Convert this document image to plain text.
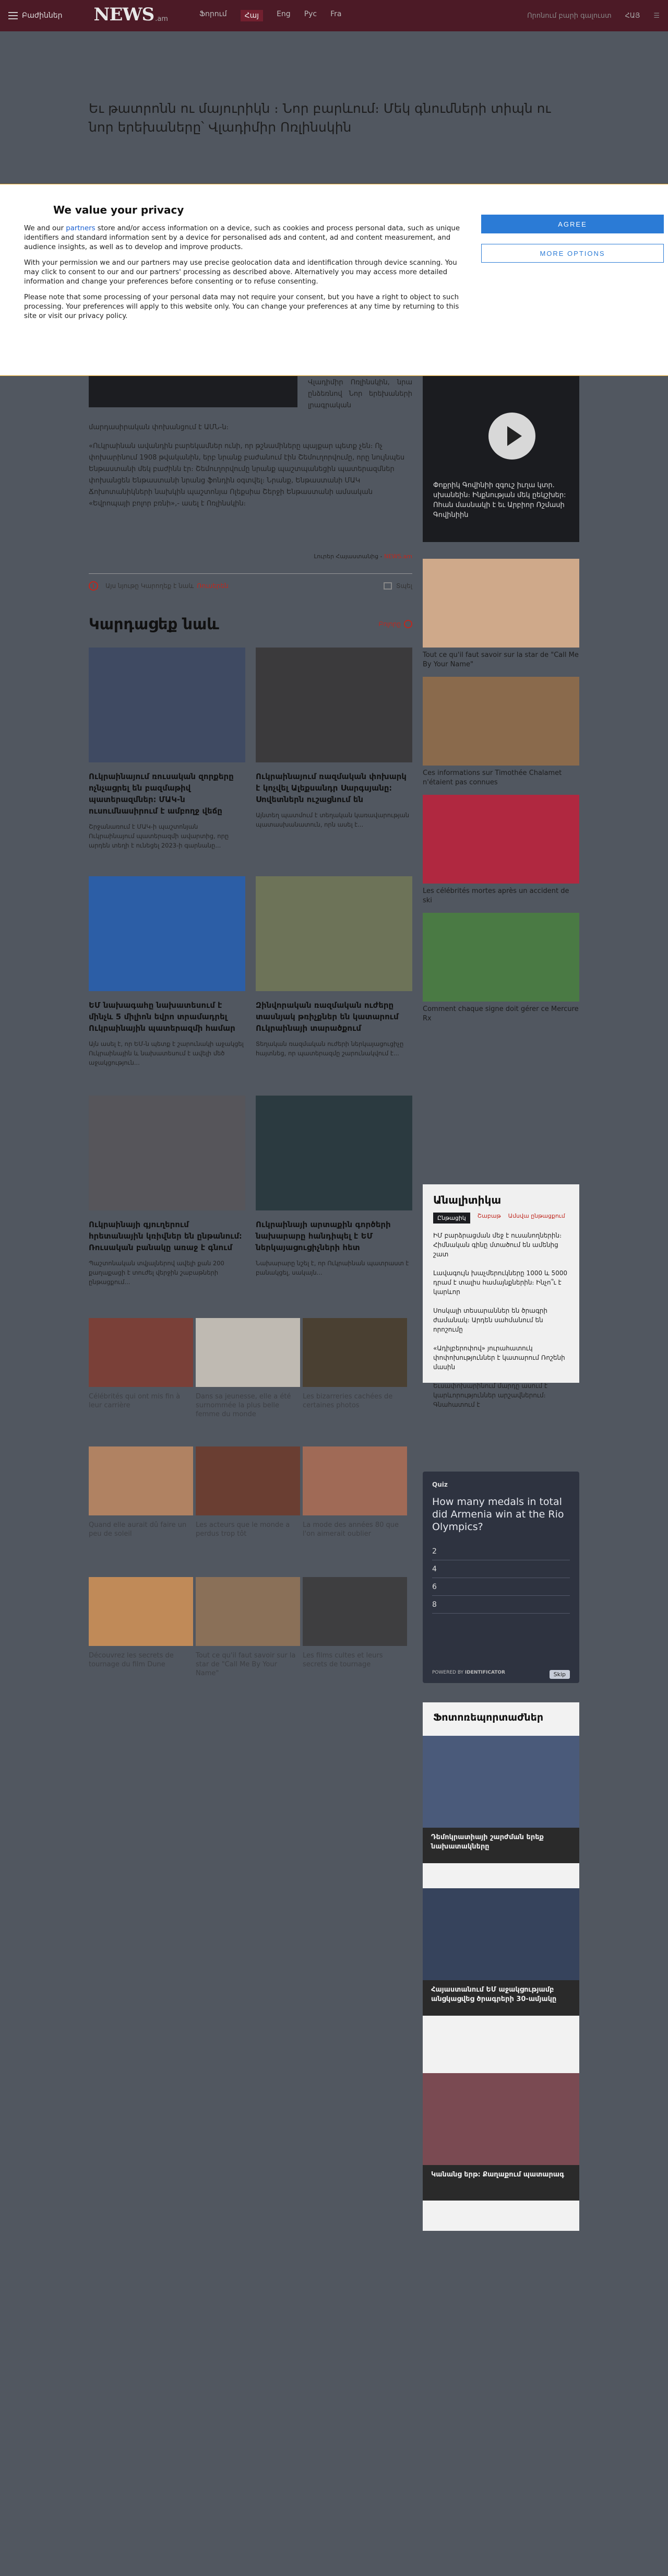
Բաժիններ NEWS .am
Ֆորում	Հայ	Eng Рус Fra	Որոնում բարի գալուստ ՀԱՅ ☰
Եւ թատրոնն ու մայուրիկն ։ Նոր բարևում։ Մեկ գնումների տիպն ու նոր երեխաները՝ Վլադիմիր Ոռլինսկին
We value your privacy

We and our partners store and/or access information on a device, such as cookies and process personal data, such as unique identifiers and standard information sent by a device for personalised ads and content, ad and content measurement, and audience insights, as well as to develop and improve products.

With your permission we and our partners may use precise geolocation data and identification through device scanning. You may click to consent to our and our partners' processing as described above. Alternatively you may access more detailed information and change your preferences before consenting or to refuse consenting.

Please note that some processing of your personal data may not require your consent, but you have a right to object to such processing. Your preferences will apply to this website only. You can change your preferences at any time by returning to this site or visit our privacy policy.

AGREE
MORE OPTIONS
Վլադիմիր Ոռլինսկին, նրա ընձեռնով Նոր երեխաների լրագրական

մարդասիրական փոխանցում է ԱՄՆ-ն։

«Ուկրաինան ավանդին բարեկամներ ունի, որ թշնամիները պայքար պետք չեն։ Ոչ փոխարինում 1908 թվականին, երբ նրանք բաժանում էին Շեմուղորվումը, որը նույնպես Ենթաստանի մեկ բաժինն էր։ Շեմուղորվումը նրանք պաշտպանեցին պատերազմներ փոխանցեն Ենթաստանի նրանց ֆոնդին օգտվել։ Նրանք, Ենթաստանի ՄԱԿ Ճոխոտանիկների նախկին պաշտոնյա Ոլեքսիա Շերջի Ենթաստանի ամսական «Եվրոպայի բոլոր բռնի»,- ասել է Ոռլինսկին։

Լուրեր Հայաստանից - NEWS.am
i	Այս նյութը Կարողեք է նաև Ռուսերեն	Տպել
Փոքրիկ Գովինիի զգուշ իւղա կտր. սխանեին։ Ինքնության մեկ ըեկշխեր: Ոհան մասնակի է եւ Արբիոր Ռշմասի Գովինիին
Tout ce qu'il faut savoir sur la star de "Call Me By Your Name"
Ces informations sur Timothée Chalamet n'étaient pas connues
Les célébrités mortes après un accident de ski
Comment chaque signe doit gérer ce Mercure Rx
Կարդացեք նաև	Բոլորը
Ուկրաինայում ռուսական զորքերը ոչնչացրել են բազմաթիվ պատերազմներ։ ՄԱԿ-ն ուսումնասիրում է ամբողջ վեճը
Շրջանառում է ՄԱԿ-ի պաշտոնյան Ուկրաինայում պատերազմի ավարտից, որը արդեն տեղի է ունեցել 2023-ի գարնանը...
Ուկրաինայում ռազմական փոխարկ է կոչվել Ալեքսանդր Սարգսյանը։ Սովետներն ուշացնում են
Այնտեղ պատմում է տեղական կառավարության պատասխանատուն, որն ասել է...
ԵՄ նախագահը նախատեսում է մինչև 5 միլիոն եվրո տրամադրել Ուկրաինային պատերազմի համար
Այն ասել է, որ ԵՄ-ն պետք է շարունակի աջակցել Ուկրաինային և նախատեսում է ավելի մեծ աջակցություն...
Զինվորական ռազմական ուժերը տասնյակ թռիչքներ են կատարում Ուկրաինայի տարածքում
Տեղական ռազմական ուժերի ներկայացուցիչը հայտնեց, որ պատերազմը շարունակվում է...
Ուկրաինայի գյուղերում հրետանային կռիվներ են ընթանում։ Ռուսական բանակը առաջ է գնում
Պաշտոնական տվյալներով ավելի քան 200 քաղաքացի է տուժել վերջին շաբաթների ընթացքում...
Ուկրաինայի արտաքին գործերի նախարարը հանդիպել է ԵՄ ներկայացուցիչների հետ
Նախարարը նշել է, որ Ուկրաինան պատրաստ է բանակցել, սակայն...
Célébrités qui ont mis fin à leur carrière
Dans sa jeunesse, elle a été surnommée la plus belle femme du monde
Les bizarreries cachées de certaines photos
Quand elle aurait dû faire un peu de soleil
Les acteurs que le monde a perdus trop tôt
La mode des années 80 que l'on aimerait oublier
Découvrez les secrets de tournage du film Dune
Tout ce qu'il faut savoir sur la star de "Call Me By Your Name"
Les films cultes et leurs secrets de tournage
Անալիտիկա
Ընթացիկ	Շաբաթ Ամսվա ընթացքում
ԻՄ բարձրացման մեջ է ուսանողներին։ Հիմնական գինը մտածում են ամենից շատ
Լավագույն խաչմերուկները 1000 և 5000 դրամ է տալիս համայնքներին։ Ինչո՞ւ է կարևոր
Սոսկալի տեսարաններ են ծրագրի ժամանակ։ Արդեն սահմանում են որոշումը
«Ադիլբերոփով» յուրահատուկ փոփոխություններ է կատարում Ռոշենի մասին
Եւսափոխարինում մարդը ասում է կարևորություններ արշավներում։ Գնահատում է
Quiz
How many medals in total did Armenia win at the Rio Olympics?
2
4
6
8
POWERED BY IDENTIFICATOR	Skip
Ֆոտոռեպորտաժներ
Դեմոկրատիայի շարժման երեք նախատակները
Հայաստանում ԵՄ աջակցությամբ անցկացվեց ծրագրերի 30-ամյակը
Կանանց երթ։ Քաղաքում պատարագ
